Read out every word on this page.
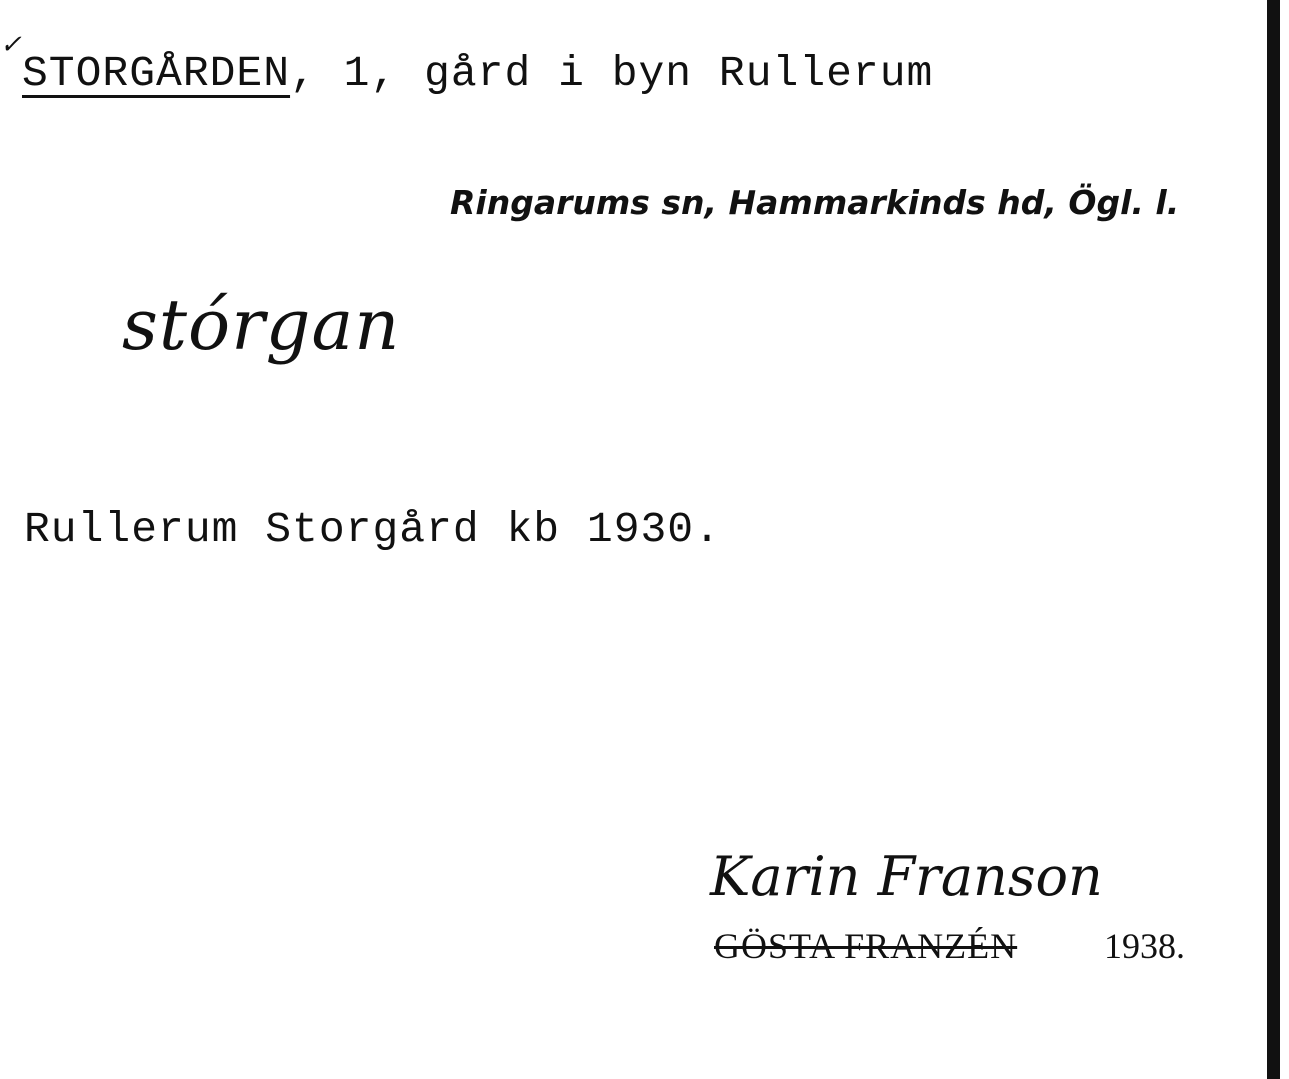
✓
STORGÅRDEN, 1, gård i byn Rullerum
Ringarums sn, Hammarkinds hd, Ögl. l.
stórgan
Rullerum Storgård kb 1930.
Karin Franson
GÖSTA FRANZÉN 1938.
